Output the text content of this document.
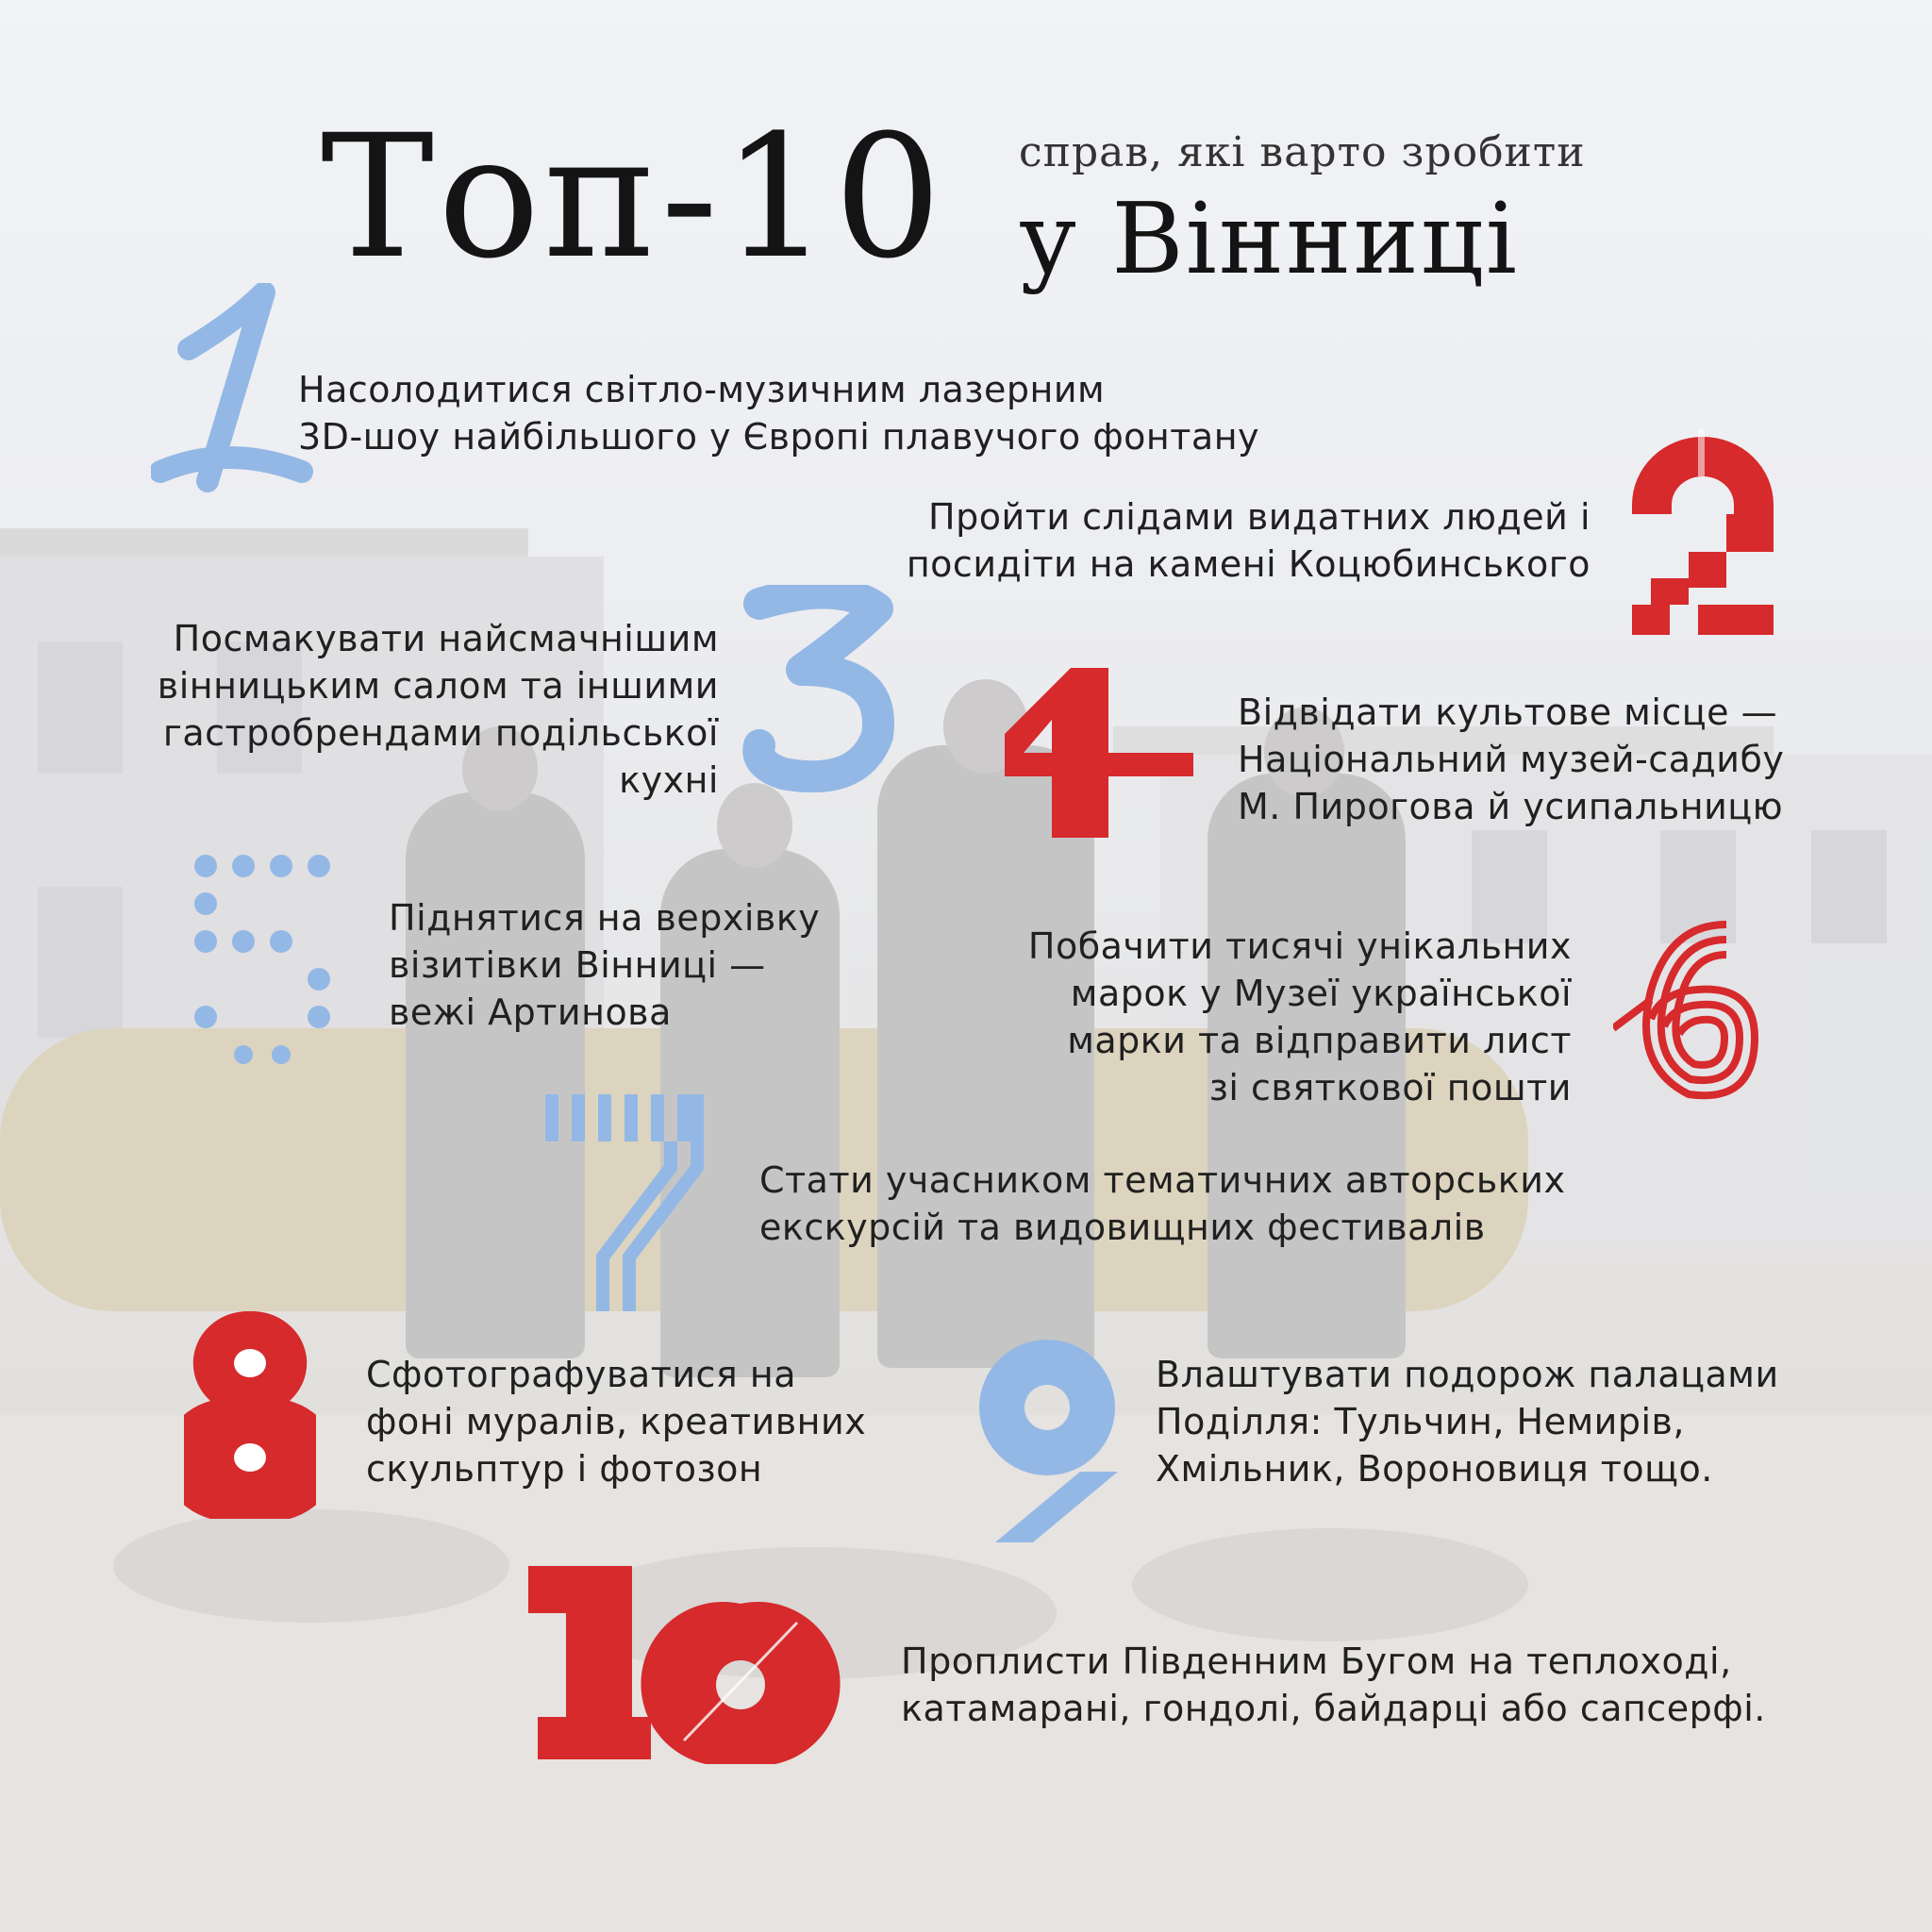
Топ-10 справ, які варто зробити
у Вінниці
Насолодитися світло-музичним лазерним
3D-шоу найбільшого у Європі плавучого фонтану
Пройти слідами видатних людей і
посидіти на камені Коцюбинського
Посмакувати найсмачнішим
вінницьким салом та іншими
гастробрендами подільської
кухні
Відвідати культове місце —
Національний музей-садибу
М. Пирогова й усипальницю
Піднятися на верхівку
візитівки Вінниці —
вежі Артинова
Побачити тисячі унікальних
марок у Музеї української
марки та відправити лист
зі святкової пошти
Стати учасником тематичних авторських
екскурсій та видовищних фестивалів
Сфотографуватися на
фоні муралів, креативних
скульптур і фотозон
Влаштувати подорож палацами
Поділля: Тульчин, Немирів,
Хмільник, Вороновиця тощо.
Проплисти Південним Бугом на теплоході,
катамарані, гондолі, байдарці або сапсерфі.
